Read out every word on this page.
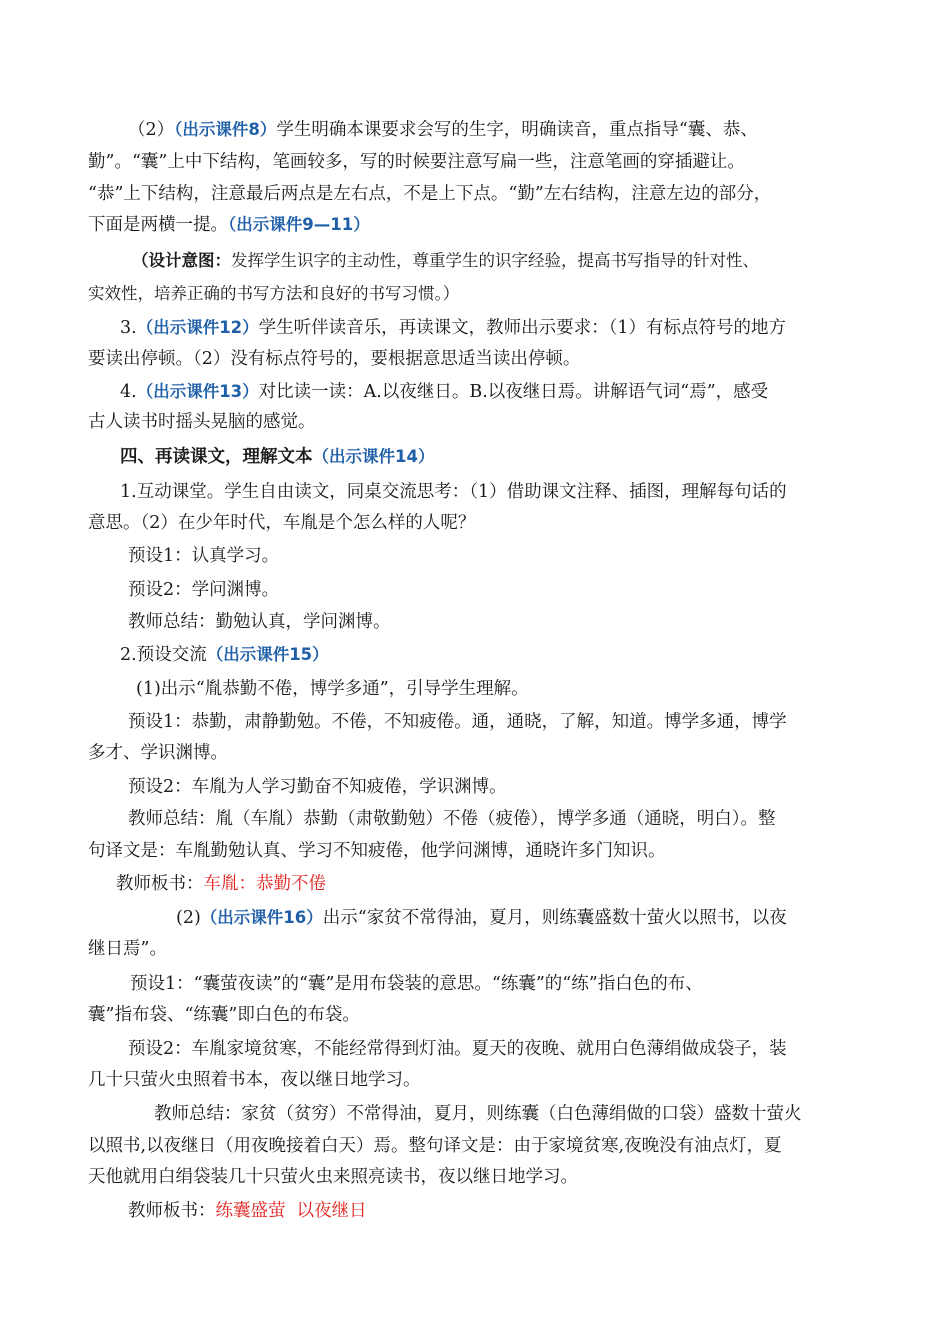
（2）（出示课件8）学生明确本课要求会写的生字，明确读音，重点指导“囊、恭、
勤”。“囊”上中下结构，笔画较多，写的时候要注意写扁一些，注意笔画的穿插避让。
“恭”上下结构，注意最后两点是左右点，不是上下点。“勤”左右结构，注意左边的部分，
下面是两横一提。（出示课件9—11）
（设计意图：发挥学生识字的主动性，尊重学生的识字经验，提高书写指导的针对性、
实效性，培养正确的书写方法和良好的书写习惯。）
3.（出示课件12）学生听伴读音乐，再读课文，教师出示要求：（1）有标点符号的地方
要读出停顿。（2）没有标点符号的，要根据意思适当读出停顿。
4.（出示课件13）对比读一读：A.以夜继日。B.以夜继日焉。讲解语气词“焉”，感受
古人读书时摇头晃脑的感觉。
四、再读课文，理解文本（出示课件14）
1.互动课堂。学生自由读文，同桌交流思考：（1）借助课文注释、插图，理解每句话的
意思。（2）在少年时代，车胤是个怎么样的人呢？
预设1：认真学习。
预设2：学问渊博。
教师总结：勤勉认真，学问渊博。
2.预设交流（出示课件15）
(1)出示“胤恭勤不倦，博学多通”，引导学生理解。
预设1：恭勤，肃静勤勉。不倦，不知疲倦。通，通晓，了解，知道。博学多通，博学
多才、学识渊博。
预设2：车胤为人学习勤奋不知疲倦，学识渊博。
教师总结：胤（车胤）恭勤（肃敬勤勉）不倦（疲倦），博学多通（通晓，明白）。整
句译文是：车胤勤勉认真、学习不知疲倦，他学问渊博，通晓许多门知识。
教师板书：车胤：恭勤不倦
(2)（出示课件16）出示“家贫不常得油，夏月，则练囊盛数十萤火以照书，以夜
继日焉”。
预设1：“囊萤夜读”的“囊”是用布袋装的意思。“练囊”的“练”指白色的布、
囊”指布袋、“练囊”即白色的布袋。
预设2：车胤家境贫寒，不能经常得到灯油。夏天的夜晚、就用白色薄绢做成袋子，装
几十只萤火虫照着书本，夜以继日地学习。
教师总结：家贫（贫穷）不常得油，夏月，则练囊（白色薄绢做的口袋）盛数十萤火
以照书,以夜继日（用夜晚接着白天）焉。整句译文是：由于家境贫寒,夜晚没有油点灯，夏
天他就用白绢袋装几十只萤火虫来照亮读书，夜以继日地学习。
教师板书：练囊盛萤  以夜继日
